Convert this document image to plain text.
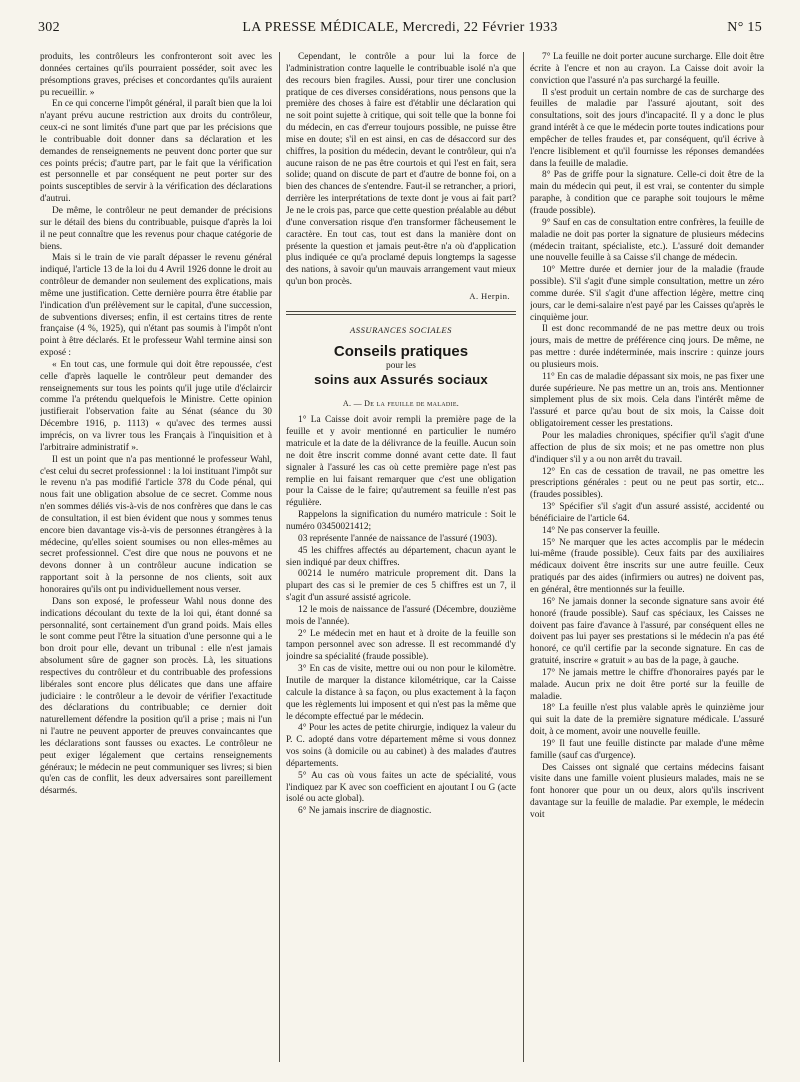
302	LA PRESSE MÉDICALE, Mercredi, 22 Février 1933	N° 15

produits, les contrôleurs les confronteront soit avec les données certaines qu'ils pourraient posséder, soit avec les présomptions graves, précises et concordantes qu'ils auraient pu recueillir. »

En ce qui concerne l'impôt général, il paraît bien que la loi n'ayant prévu aucune restriction aux droits du contrôleur, ceux-ci ne sont limités d'une part que par les précisions que le contribuable doit donner dans sa déclaration et les demandes de renseignements ne peuvent donc porter que sur ces points précis; d'autre part, par le fait que la vérification est personnelle et par conséquent ne peut porter sur des points susceptibles de servir à la vérification des déclarations d'autrui.

De même, le contrôleur ne peut demander de précisions sur le détail des biens du contribuable, puisque d'après la loi il ne peut connaître que les revenus pour chaque catégorie de biens.

Mais si le train de vie paraît dépasser le revenu général indiqué, l'article 13 de la loi du 4 Avril 1926 donne le droit au contrôleur de demander non seulement des explications, mais même une justification. Cette dernière pourra être établie par l'indication d'un prélèvement sur le capital, d'une succession, de subventions diverses; enfin, il est certains titres de rente française (4 %, 1925), qui n'étant pas soumis à l'impôt n'ont point à être déclarés. Et le professeur Wahl termine ainsi son exposé :

« En tout cas, une formule qui doit être repoussée, c'est celle d'après laquelle le contrôleur peut demander des renseignements sur tous les points qu'il juge utile d'éclaircir comme l'a prétendu quelquefois le Ministre. Cette opinion justifierait l'observation faite au Sénat (séance du 30 Décembre 1916, p. 1113) « qu'avec des termes aussi imprécis, on va livrer tous les Français à l'inquisition et à l'arbitraire administratif ».

Il est un point que n'a pas mentionné le professeur Wahl, c'est celui du secret professionnel : la loi instituant l'impôt sur le revenu n'a pas modifié l'article 378 du Code pénal, qui nous fait une obligation absolue de ce secret. Comme nous n'en sommes déliés vis-à-vis de nos confrères que dans le cas de consultation, il est bien évident que nous y sommes tenus encore bien davantage vis-à-vis de personnes étrangères à la médecine, qu'elles soient soumises ou non elles-mêmes au secret professionnel. C'est dire que nous ne pouvons et ne devons donner à un contrôleur aucune indication se rapportant soit à la personne de nos clients, soit aux honoraires qu'ils ont pu individuellement nous verser.

Dans son exposé, le professeur Wahl nous donne des indications découlant du texte de la loi qui, étant donné sa personnalité, sont certainement d'un grand poids. Mais elles le sont comme peut l'être la situation d'une personne qui a le bon droit pour elle, devant un tribunal : elle n'est jamais absolument sûre de gagner son procès. Là, les situations respectives du contrôleur et du contribuable des professions libérales sont encore plus délicates que dans une affaire judiciaire : le contrôleur a le devoir de vérifier l'exactitude des déclarations du contribuable; ce dernier doit naturellement défendre la position qu'il a prise ; mais ni l'un ni l'autre ne peuvent apporter de preuves convaincantes que les déclarations sont fausses ou exactes. Le contrôleur ne peut exiger légalement que certains renseignements généraux; le médecin ne peut communiquer ses livres; si bien qu'en cas de conflit, les deux adversaires sont pareillement désarmés.

Cependant, le contrôle a pour lui la force de l'administration contre laquelle le contribuable isolé n'a que des recours bien fragiles. Aussi, pour tirer une conclusion pratique de ces diverses considérations, nous pensons que la première des choses à faire est d'établir une déclaration qui ne soit point sujette à critique, qui soit telle que la bonne foi du médecin, en cas d'erreur toujours possible, ne puisse être mise en doute; s'il en est ainsi, en cas de désaccord sur des chiffres, la position du médecin, devant le contrôleur, qui n'a aucune raison de ne pas être courtois et qui l'est en fait, sera solide; quand on discute de part et d'autre de bonne foi, on a bien des chances de s'entendre. Faut-il se retrancher, a priori, derrière les interprétations de texte dont je vous ai fait part? Je ne le crois pas, parce que cette question préalable au début d'une conversation risque d'en transformer fâcheusement le caractère. En tout cas, tout est dans la manière dont on présente la question et jamais peut-être n'a où d'application plus indiquée ce qu'a proclamé depuis longtemps la sagesse des nations, à savoir qu'un mauvais arrangement vaut mieux qu'un bon procès.

A. Herpin.
ASSURANCES SOCIALES
Conseils pratiques
pour les
soins aux Assurés sociaux
A. — De la feuille de maladie.

1° La Caisse doit avoir rempli la première page de la feuille et y avoir mentionné en particulier le numéro matricule et la date de la délivrance de la feuille. Aucun soin ne doit être inscrit comme donné avant cette date. Il faut signaler à l'assuré les cas où cette première page n'est pas remplie en lui faisant remarquer que c'est une obligation pour la Caisse de le faire; qu'autrement sa feuille n'est pas régulière.

Rappelons la signification du numéro matricule : Soit le numéro 03450021412;

03 représente l'année de naissance de l'assuré (1903).

45 les chiffres affectés au département, chacun ayant le sien indiqué par deux chiffres.

00214 le numéro matricule proprement dit. Dans la plupart des cas si le premier de ces 5 chiffres est un 7, il s'agit d'un assuré assisté agricole.

12 le mois de naissance de l'assuré (Décembre, douzième mois de l'année).

2° Le médecin met en haut et à droite de la feuille son tampon personnel avec son adresse. Il est recommandé d'y joindre sa spécialité (fraude possible).

3° En cas de visite, mettre oui ou non pour le kilomètre. Inutile de marquer la distance kilométrique, car la Caisse calcule la distance à sa façon, ou plus exactement à la façon que les règlements lui imposent et qui n'est pas la même que le décompte effectué par le médecin.

4° Pour les actes de petite chirurgie, indiquez la valeur du P. C. adopté dans votre département même si vous donnez vos soins (à domicile ou au cabinet) à des malades d'autres départements.

5° Au cas où vous faites un acte de spécialité, vous l'indiquez par K avec son coefficient en ajoutant I ou G (acte isolé ou acte global).

6° Ne jamais inscrire de diagnostic.

7° La feuille ne doit porter aucune surcharge. Elle doit être écrite à l'encre et non au crayon. La Caisse doit avoir la conviction que l'assuré n'a pas surchargé la feuille.

Il s'est produit un certain nombre de cas de surcharge des feuilles de maladie par l'assuré ajoutant, soit des consultations, soit des jours d'incapacité. Il y a donc le plus grand intérêt à ce que le médecin porte toutes indications pour empêcher de telles fraudes et, par conséquent, qu'il écrive à l'encre lisiblement et qu'il fournisse les réponses demandées dans la feuille de maladie.

8° Pas de griffe pour la signature. Celle-ci doit être de la main du médecin qui peut, il est vrai, se contenter du simple paraphe, à condition que ce paraphe soit toujours le même (fraude possible).

9° Sauf en cas de consultation entre confrères, la feuille de maladie ne doit pas porter la signature de plusieurs médecins (médecin traitant, spécialiste, etc.). L'assuré doit demander une nouvelle feuille à sa Caisse s'il change de médecin.

10° Mettre durée et dernier jour de la maladie (fraude possible). S'il s'agit d'une simple consultation, mettre un zéro comme durée. S'il s'agit d'une affection légère, mettre cinq jours, car le demi-salaire n'est payé par les Caisses qu'après le cinquième jour.

Il est donc recommandé de ne pas mettre deux ou trois jours, mais de mettre de préférence cinq jours. De même, ne pas mettre : durée indéterminée, mais inscrire : quinze jours ou plusieurs mois.

11° En cas de maladie dépassant six mois, ne pas fixer une durée supérieure. Ne pas mettre un an, trois ans. Mentionner simplement plus de six mois. Cela dans l'intérêt même de l'assuré et parce qu'au bout de six mois, la Caisse doit obligatoirement cesser les prestations.

Pour les maladies chroniques, spécifier qu'il s'agit d'une affection de plus de six mois; et ne pas omettre non plus d'indiquer s'il y a ou non arrêt du travail.

12° En cas de cessation de travail, ne pas omettre les prescriptions générales : peut ou ne peut pas sortir, etc... (fraudes possibles).

13° Spécifier s'il s'agit d'un assuré assisté, accidenté ou bénéficiaire de l'article 64.

14° Ne pas conserver la feuille.

15° Ne marquer que les actes accomplis par le médecin lui-même (fraude possible). Ceux faits par des auxiliaires médicaux doivent être inscrits sur une autre feuille. Ceux pratiqués par des aides (infirmiers ou autres) ne doivent pas, en général, être mentionnés sur la feuille.

16° Ne jamais donner la seconde signature sans avoir été honoré (fraude possible). Sauf cas spéciaux, les Caisses ne doivent pas faire d'avance à l'assuré, par conséquent elles ne doivent pas lui payer ses prestations si le médecin n'a pas été honoré, ce qu'il certifie par la seconde signature. En cas de gratuité, inscrire « gratuit » au bas de la page, à gauche.

17° Ne jamais mettre le chiffre d'honoraires payés par le malade. Aucun prix ne doit être porté sur la feuille de maladie.

18° La feuille n'est plus valable après le quinzième jour qui suit la date de la première signature médicale. L'assuré doit, à ce moment, avoir une nouvelle feuille.

19° Il faut une feuille distincte par malade d'une même famille (sauf cas d'urgence).

Des Caisses ont signalé que certains médecins faisant visite dans une famille voient plusieurs malades, mais ne se font honorer que pour un ou deux, alors qu'ils inscrivent davantage sur la feuille de maladie. Par exemple, le médecin voit
